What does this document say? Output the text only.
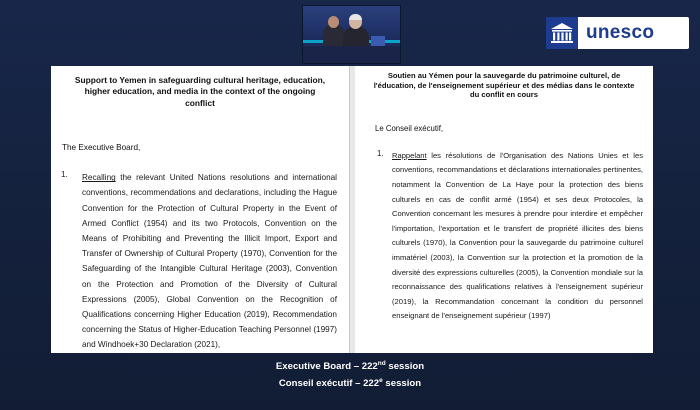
unesco
Support to Yemen in safeguarding cultural heritage, education, higher education, and media in the context of the ongoing conflict
The Executive Board,
1. Recalling the relevant United Nations resolutions and international conventions, recommendations and declarations, including the Hague Convention for the Protection of Cultural Property in the Event of Armed Conflict (1954) and its two Protocols, Convention on the Means of Prohibiting and Preventing the Illicit Import, Export and Transfer of Ownership of Cultural Property (1970), Convention for the Safeguarding of the Intangible Cultural Heritage (2003), Convention on the Protection and Promotion of the Diversity of Cultural Expressions (2005), Global Convention on the Recognition of Qualifications concerning Higher Education (2019), Recommendation concerning the Status of Higher-Education Teaching Personnel (1997) and Windhoek+30 Declaration (2021),

Soutien au Yémen pour la sauvegarde du patrimoine culturel, de l'éducation, de l'enseignement supérieur et des médias dans le contexte du conflit en cours
Le Conseil exécutif,
1. Rappelant les résolutions de l'Organisation des Nations Unies et les conventions, recommandations et déclarations internationales pertinentes, notamment la Convention de La Haye pour la protection des biens culturels en cas de conflit armé (1954) et ses deux Protocoles, la Convention concernant les mesures à prendre pour interdire et empêcher l'importation, l'exportation et le transfert de propriété illicites des biens culturels (1970), la Convention pour la sauvegarde du patrimoine culturel immatériel (2003), la Convention sur la protection et la promotion de la diversité des expressions culturelles (2005), la Convention mondiale sur la reconnaissance des qualifications relatives à l'enseignement supérieur (2019), la Recommandation concernant la condition du personnel enseignant de l'enseignement supérieur (1997)

Executive Board – 222nd session
Conseil exécutif – 222e session
